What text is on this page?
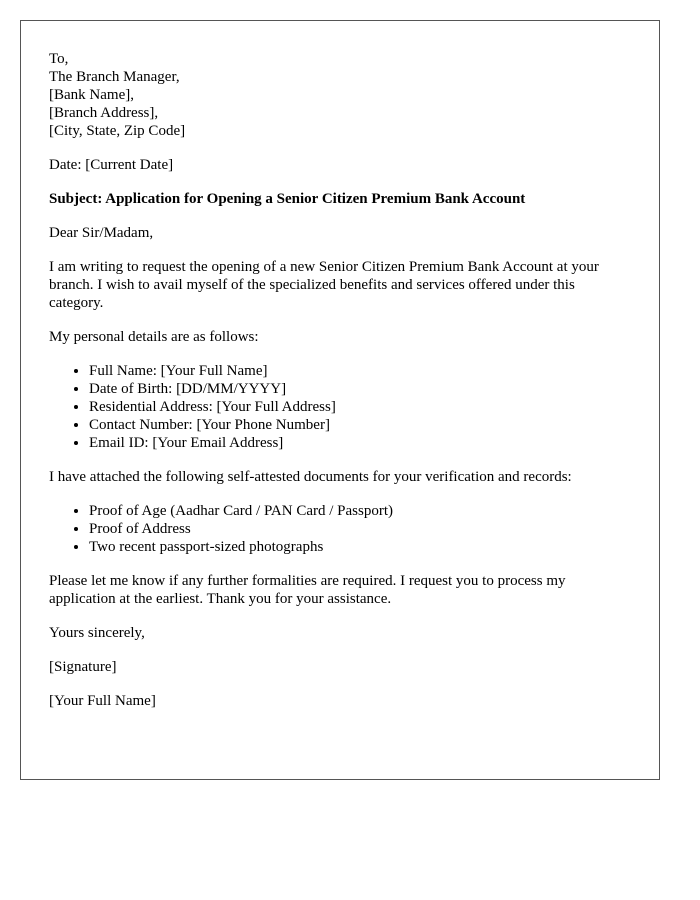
To,
The Branch Manager,
[Bank Name],
[Branch Address],
[City, State, Zip Code]

Date: [Current Date]

Subject: Application for Opening a Senior Citizen Premium Bank Account

Dear Sir/Madam,

I am writing to request the opening of a new Senior Citizen Premium Bank Account at your branch. I wish to avail myself of the specialized benefits and services offered under this category.

My personal details are as follows:

• Full Name: [Your Full Name]
• Date of Birth: [DD/MM/YYYY]
• Residential Address: [Your Full Address]
• Contact Number: [Your Phone Number]
• Email ID: [Your Email Address]

I have attached the following self-attested documents for your verification and records:

• Proof of Age (Aadhar Card / PAN Card / Passport)
• Proof of Address
• Two recent passport-sized photographs

Please let me know if any further formalities are required. I request you to process my application at the earliest. Thank you for your assistance.

Yours sincerely,

[Signature]

[Your Full Name]
